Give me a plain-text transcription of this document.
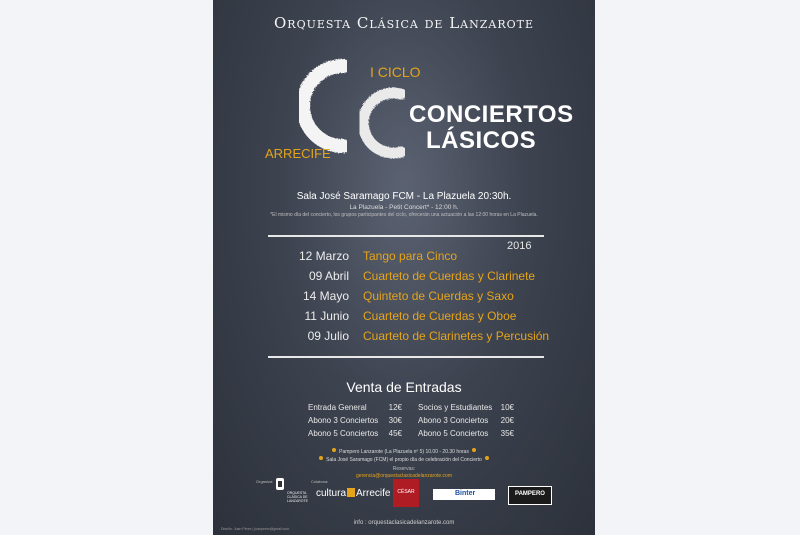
Orquesta Clásica de Lanzarote
I CICLO
ARRECIFE
CONCIERTOS
LÁSICOS
Sala José Saramago FCM - La Plazuela 20:30h.
La Plazuela - Petit Concert* - 12:00 h.
*El mismo día del concierto, los grupos participantes del ciclo, ofrecerán una actuación a las 12:00 horas en La Plazuela.
2016
12 Marzo Tango para Cinco
09 Abril Cuarteto de Cuerdas y Clarinete
14 Mayo Quinteto de Cuerdas y Saxo
11 Junio Cuarteto de Cuerdas y Oboe
09 Julio Cuarteto de Clarinetes y Percusión
Venta de Entradas
Entrada General	12€
Abono 3 Conciertos	30€
Abono 5 Conciertos	45€
Socios y Estudiantes	10€
Abono 3 Conciertos	20€
Abono 5 Conciertos	35€
Pampero Lanzarote (La Plazuela nº 5) 10.00 - 20.30 horas
Sala José Saramago (FCM) el propio día de celebración del Concierto
Reservas:
gerencia@orquestaclasicadelanzarote.com
Organiza:	Colabora:
ORQUESTA CLÁSICA DE LANZAROTE
cultura Arrecife	CÉSAR	Binter	PAMPERO
info : orquestaclasicadelanzarote.com
Diseño: Juan Pérez | juanperez@gmail.com
